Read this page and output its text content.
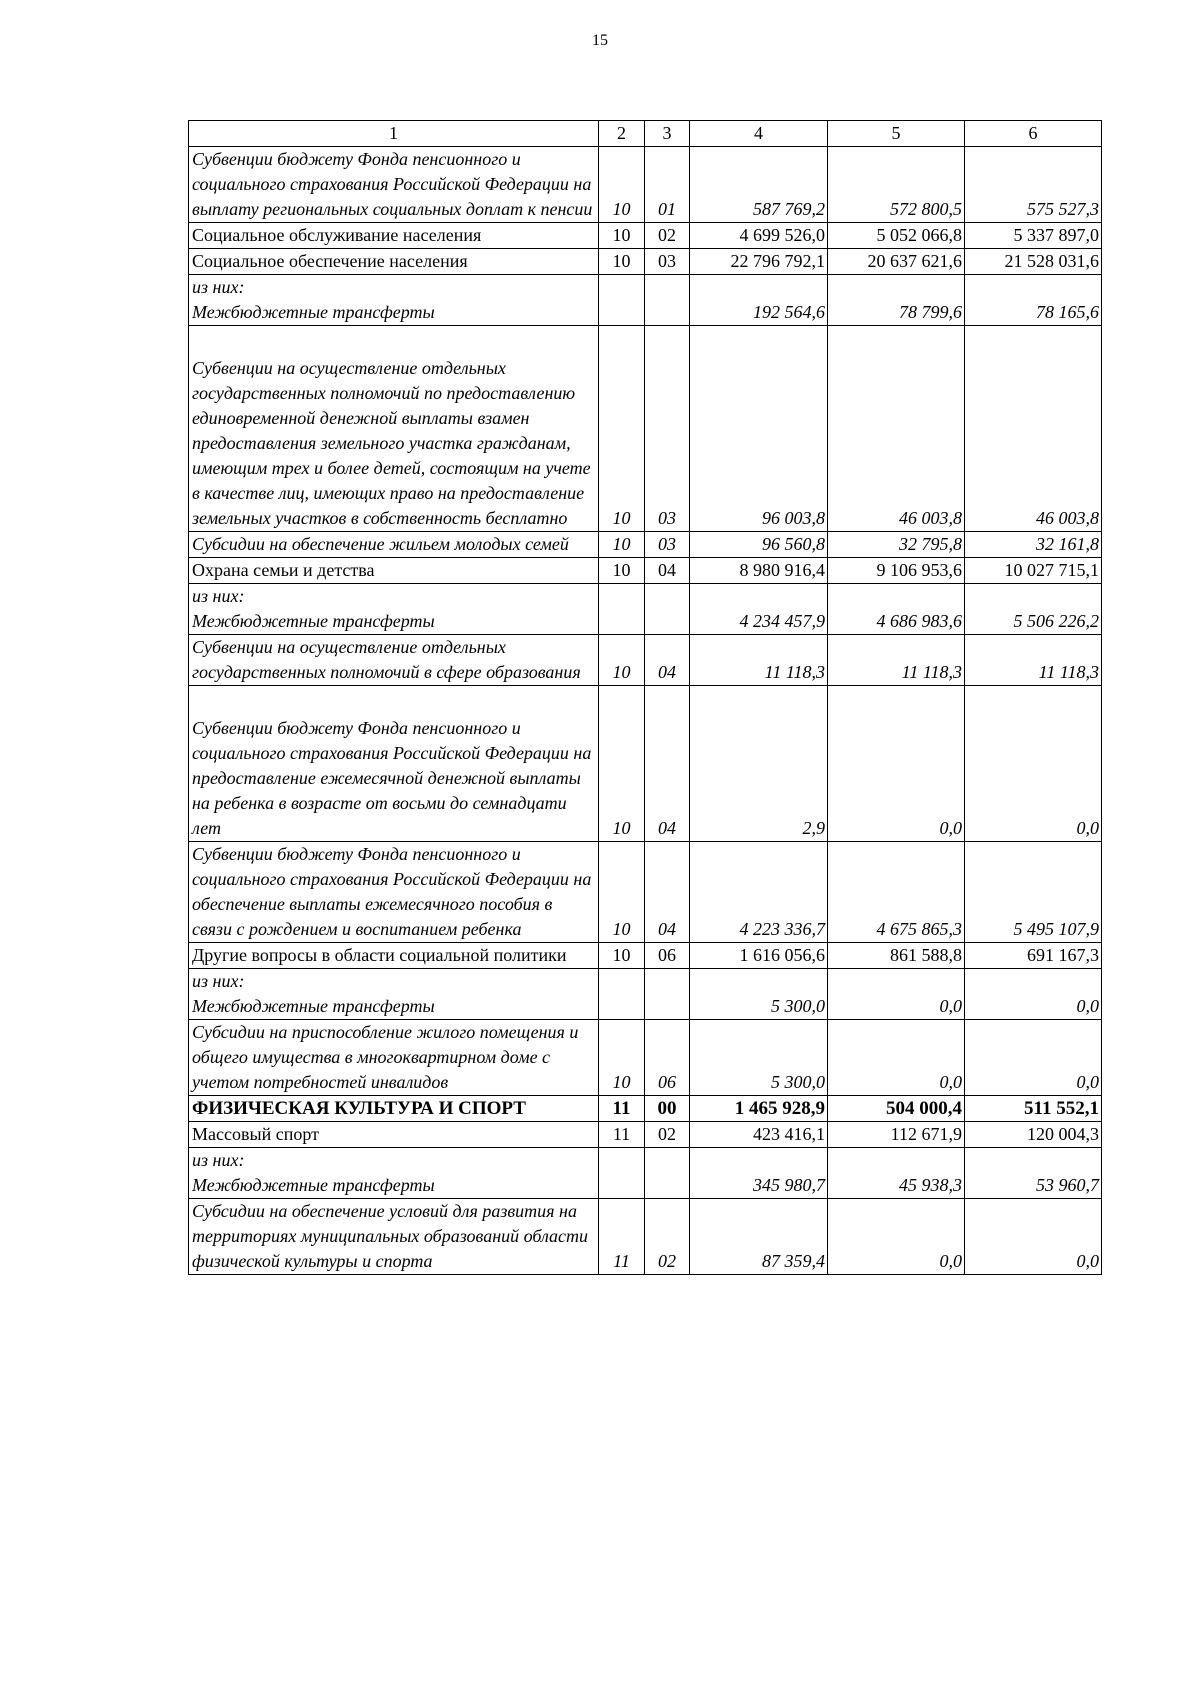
15
1	2	3	4	5	6
Субвенции бюджету Фонда пенсионного и социального страхования Российской Федерации на выплату региональных социальных доплат к пенсии	10	01	587 769,2	572 800,5	575 527,3
Социальное обслуживание населения	10	02	4 699 526,0	5 052 066,8	5 337 897,0
Социальное обеспечение населения	10	03	22 796 792,1	20 637 621,6	21 528 031,6
из них:
Межбюджетные трансферты			192 564,6	78 799,6	78 165,6
Субвенции на осуществление отдельных государственных полномочий по предоставлению единовременной денежной выплаты взамен предоставления земельного участка гражданам, имеющим трех и более детей, состоящим на учете в качестве лиц, имеющих право на предоставление земельных участков в собственность бесплатно	10	03	96 003,8	46 003,8	46 003,8
Субсидии на обеспечение жильем молодых семей	10	03	96 560,8	32 795,8	32 161,8
Охрана семьи и детства	10	04	8 980 916,4	9 106 953,6	10 027 715,1
из них:
Межбюджетные трансферты			4 234 457,9	4 686 983,6	5 506 226,2
Субвенции на осуществление отдельных государственных полномочий в сфере образования	10	04	11 118,3	11 118,3	11 118,3
Субвенции бюджету Фонда пенсионного и социального страхования Российской Федерации на предоставление ежемесячной денежной выплаты на ребенка в возрасте от восьми до семнадцати лет	10	04	2,9	0,0	0,0
Субвенции бюджету Фонда пенсионного и социального страхования Российской Федерации на обеспечение выплаты ежемесячного пособия в связи с рождением и воспитанием ребенка	10	04	4 223 336,7	4 675 865,3	5 495 107,9
Другие вопросы в области социальной политики	10	06	1 616 056,6	861 588,8	691 167,3
из них:
Межбюджетные трансферты			5 300,0	0,0	0,0
Субсидии на приспособление жилого помещения и общего имущества в многоквартирном доме с учетом потребностей инвалидов	10	06	5 300,0	0,0	0,0
ФИЗИЧЕСКАЯ КУЛЬТУРА И СПОРТ	11	00	1 465 928,9	504 000,4	511 552,1
Массовый спорт	11	02	423 416,1	112 671,9	120 004,3
из них:
Межбюджетные трансферты			345 980,7	45 938,3	53 960,7
Субсидии на обеспечение условий для развития на территориях муниципальных образований области физической культуры и спорта	11	02	87 359,4	0,0	0,0
